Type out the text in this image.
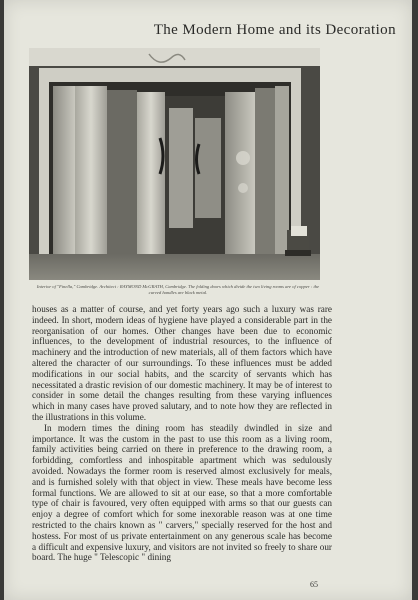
The Modern Home and its Decoration
Interior of "Finella," Cambridge. Architect : RAYMOND McGRATH, Cambridge. The folding doors which divide the two living rooms are of copper : the curved handles are black metal.

houses as a matter of course, and yet forty years ago such a luxury was rare indeed. In short, modern ideas of hygiene have played a considerable part in the reorganisation of our homes. Other changes have been due to economic influences, to the development of industrial resources, to the influence of machinery and the introduction of new materials, all of them factors which have altered the character of our surroundings. To these influences must be added modifications in our social habits, and the scarcity of servants which has necessitated a drastic revision of our domestic machinery. It may be of interest to consider in some detail the changes resulting from these varying influences which in many cases have proved salutary, and to note how they are reflected in the illustrations in this volume.

In modern times the dining room has steadily dwindled in size and importance. It was the custom in the past to use this room as a living room, family activities being carried on there in preference to the drawing room, a forbidding, comfortless and inhospitable apartment which was sedulously avoided. Nowadays the former room is reserved almost exclusively for meals, and is furnished solely with that object in view. These meals have become less formal functions. We are allowed to sit at our ease, so that a more comfortable type of chair is favoured, very often equipped with arms so that our guests can enjoy a degree of comfort which for some inexorable reason was at one time restricted to the chairs known as " carvers," specially reserved for the host and hostess. For most of us private entertainment on any generous scale has become a difficult and expensive luxury, and visitors are not invited so freely to share our board. The huge " Telescopic " dining

65
